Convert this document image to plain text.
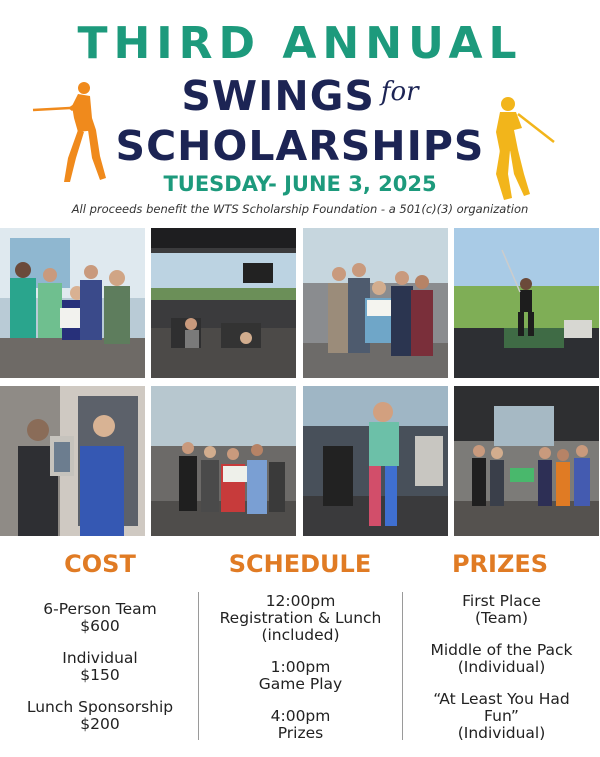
THIRD ANNUAL
SWINGS $^{for}$
SCHOLARSHIPS
TUESDAY- JUNE 3, 2025
All proceeds benefit the WTS Scholarship Foundation - a 501(c)(3) organization
COST	SCHEDULE	PRIZES
6-Person Team
$600
Individual
$150
Lunch Sponsorship
$200
12:00pm
Registration & Lunch
(included)
1:00pm
Game Play
4:00pm
Prizes
First Place
(Team)
Middle of the Pack
(Individual)
“At Least You Had
Fun”
(Individual)
